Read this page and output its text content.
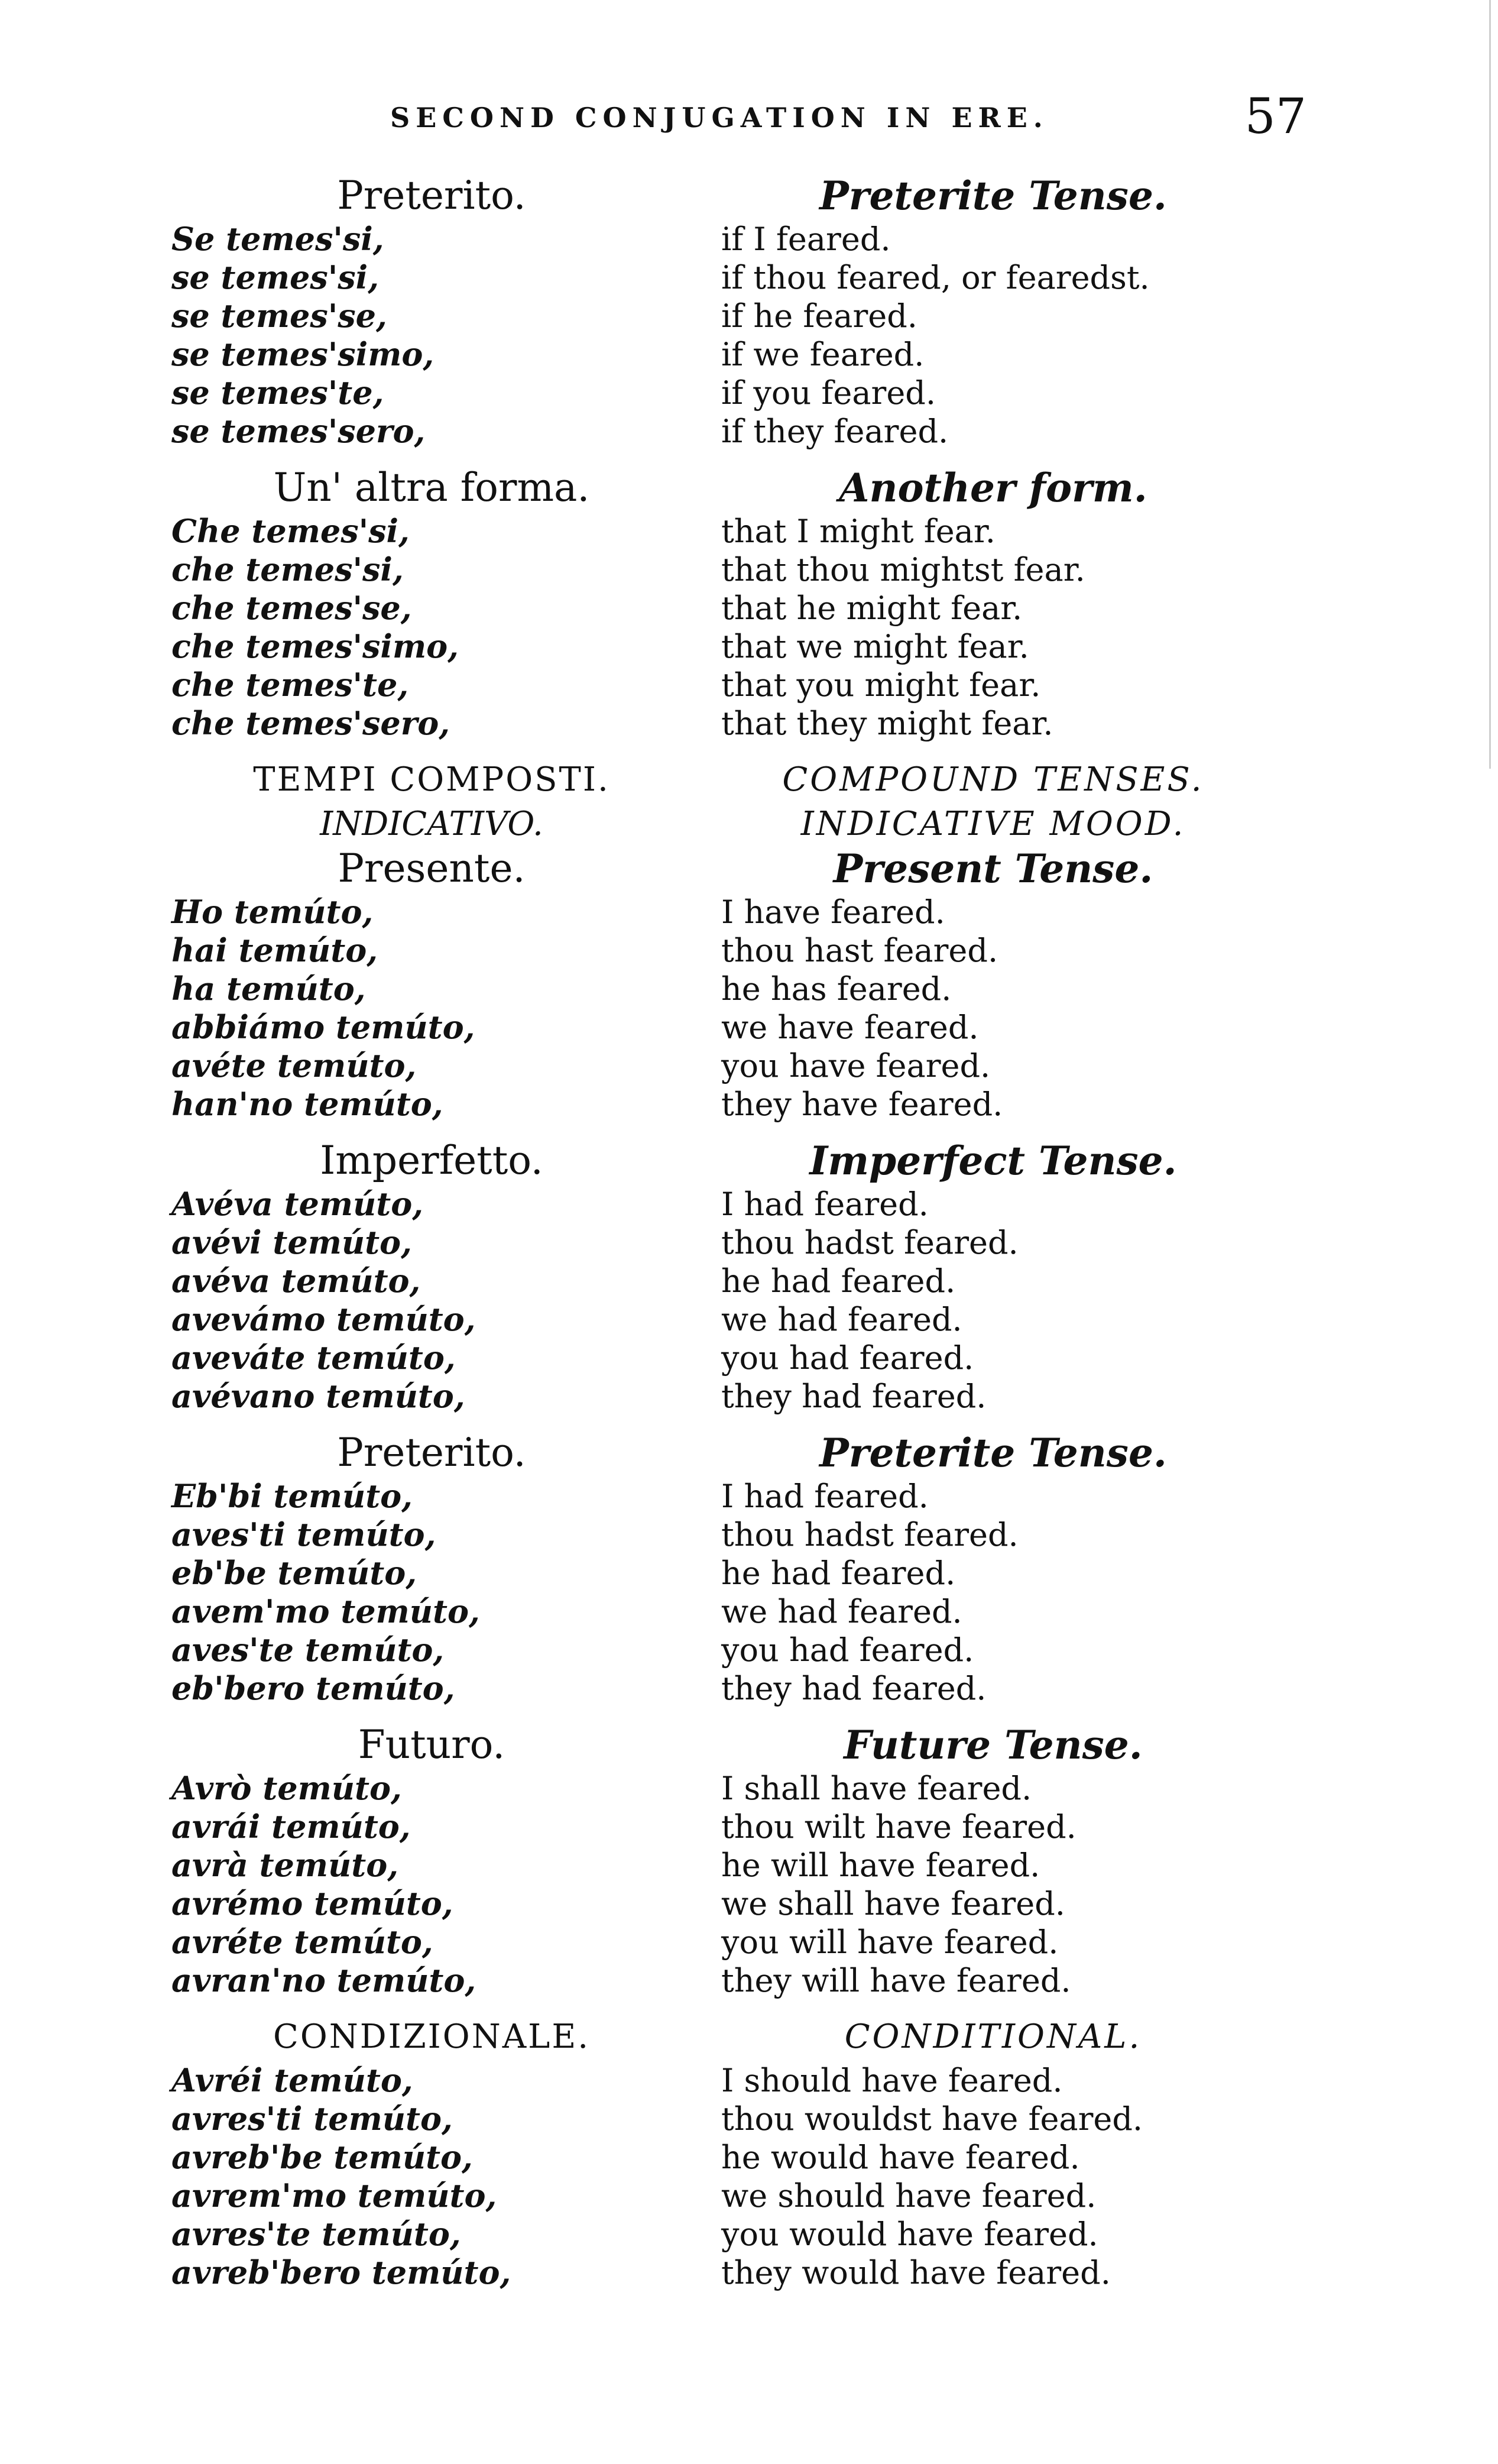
SECOND CONJUGATION IN ERE.	57
Preterito.
Se temes'si,
se temes'si,
se temes'se,
se temes'simo,
se temes'te,
se temes'sero,
Preterite Tense.
if I feared.
if thou feared, or fearedst.
if he feared.
if we feared.
if you feared.
if they feared.
Un' altra forma.
Che temes'si,
che temes'si,
che temes'se,
che temes'simo,
che temes'te,
che temes'sero,
Another form.
that I might fear.
that thou mightst fear.
that he might fear.
that we might fear.
that you might fear.
that they might fear.
TEMPI COMPOSTI.
INDICATIVO.
Presente.
Ho temúto,
hai temúto,
ha temúto,
abbiámo temúto,
avéte temúto,
han'no temúto,
COMPOUND TENSES.
INDICATIVE MOOD.
Present Tense.
I have feared.
thou hast feared.
he has feared.
we have feared.
you have feared.
they have feared.
Imperfetto.
Avéva temúto,
avévi temúto,
avéva temúto,
avevámo temúto,
aveváte temúto,
avévano temúto,
Imperfect Tense.
I had feared.
thou hadst feared.
he had feared.
we had feared.
you had feared.
they had feared.
Preterito.
Eb'bi temúto,
aves'ti temúto,
eb'be temúto,
avem'mo temúto,
aves'te temúto,
eb'bero temúto,
Preterite Tense.
I had feared.
thou hadst feared.
he had feared.
we had feared.
you had feared.
they had feared.
Futuro.
Avrò temúto,
avrái temúto,
avrà temúto,
avrémo temúto,
avréte temúto,
avran'no temúto,
Future Tense.
I shall have feared.
thou wilt have feared.
he will have feared.
we shall have feared.
you will have feared.
they will have feared.
CONDIZIONALE.
Avréi temúto,
avres'ti temúto,
avreb'be temúto,
avrem'mo temúto,
avres'te temúto,
avreb'bero temúto,
CONDITIONAL.
I should have feared.
thou wouldst have feared.
he would have feared.
we should have feared.
you would have feared.
they would have feared.
